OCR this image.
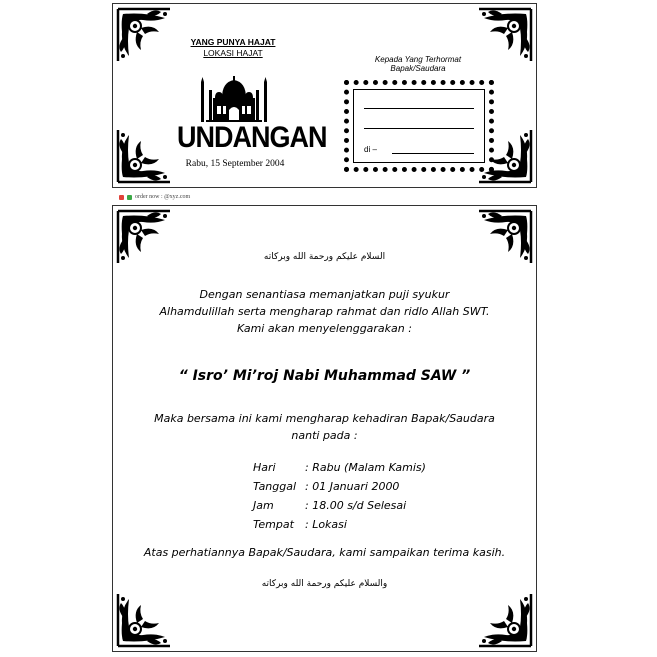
YANG PUNYA HAJAT
LOKASI HAJAT
UNDANGAN
Rabu, 15 September 2004
Kepada Yang Terhormat
Bapak/Saudara
di –
order now : @xyz.com
السلام عليكم ورحمة الله وبركاته
Dengan senantiasa memanjatkan puji syukur
Alhamdulillah serta mengharap rahmat dan ridlo Allah SWT.
Kami akan menyelenggarakan :
“ Isro’ Mi’roj Nabi Muhammad SAW ”
Maka bersama ini kami mengharap kehadiran Bapak/Saudara
nanti pada :
Hari	: Rabu (Malam Kamis)
Tanggal : 01 Januari 2000
Jam	: 18.00 s/d Selesai
Tempat : Lokasi
Atas perhatiannya Bapak/Saudara, kami sampaikan terima kasih.
والسلام عليكم ورحمة الله وبركاته
